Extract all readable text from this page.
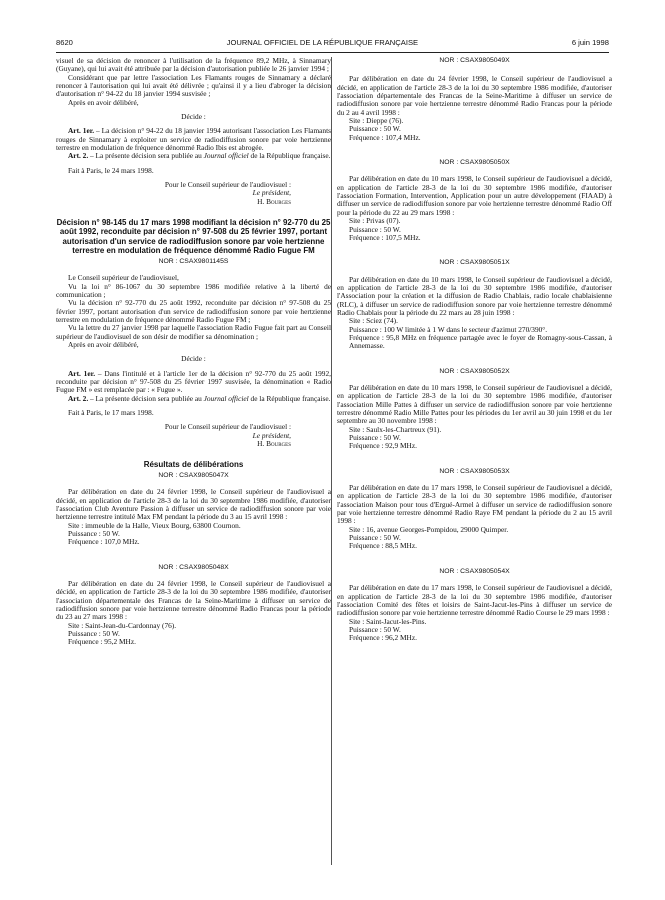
8620	JOURNAL OFFICIEL DE LA RÉPUBLIQUE FRANÇAISE	6 juin 1998

visuel de sa décision de renoncer à l'utilisation de la fréquence 89,2 MHz, à Sinnamary (Guyane), qui lui avait été attribuée par la décision d'autorisation publiée le 26 janvier 1994 ;

Considérant que par lettre l'association Les Flamants rouges de Sinnamary a déclaré renoncer à l'autorisation qui lui avait été délivrée ; qu'ainsi il y a lieu d'abroger la décision d'autorisation n° 94-22 du 18 janvier 1994 susvisée ;

Après en avoir délibéré,

Décide :

Art. 1er. – La décision n° 94-22 du 18 janvier 1994 autorisant l'association Les Flamants rouges de Sinnamary à exploiter un service de radiodiffusion sonore par voie hertzienne terrestre en modulation de fréquence dénommé Radio Ibis est abrogée.

Art. 2. – La présente décision sera publiée au Journal officiel de la République française.

Fait à Paris, le 24 mars 1998.

Pour le Conseil supérieur de l'audiovisuel :

Le président,

H. Bourges

Décision n° 98-145 du 17 mars 1998 modifiant la décision n° 92-770 du 25 août 1992, reconduite par décision n° 97-508 du 25 février 1997, portant autorisation d'un service de radiodiffusion sonore par voie hertzienne terrestre en modulation de fréquence dénommé Radio Fugue FM

NOR : CSAX9801145S

Le Conseil supérieur de l'audiovisuel,

Vu la loi n° 86-1067 du 30 septembre 1986 modifiée relative à la liberté de communication ;

Vu la décision n° 92-770 du 25 août 1992, reconduite par décision n° 97-508 du 25 février 1997, portant autorisation d'un service de radiodiffusion sonore par voie hertzienne terrestre en modulation de fréquence dénommé Radio Fugue FM ;

Vu la lettre du 27 janvier 1998 par laquelle l'association Radio Fugue fait part au Conseil supérieur de l'audiovisuel de son désir de modifier sa dénomination ;

Après en avoir délibéré,

Décide :

Art. 1er. – Dans l'intitulé et à l'article 1er de la décision n° 92-770 du 25 août 1992, reconduite par décision n° 97-508 du 25 février 1997 susvisée, la dénomination « Radio Fugue FM » est remplacée par : « Fugue ».

Art. 2. – La présente décision sera publiée au Journal officiel de la République française.

Fait à Paris, le 17 mars 1998.

Pour le Conseil supérieur de l'audiovisuel :

Le président,

H. Bourges

Résultats de délibérations

NOR : CSAX9805047X

Par délibération en date du 24 février 1998, le Conseil supérieur de l'audiovisuel a décidé, en application de l'article 28-3 de la loi du 30 septembre 1986 modifiée, d'autoriser l'association Club Aventure Passion à diffuser un service de radiodiffusion sonore par voie hertzienne terrestre intitulé Max FM pendant la période du 3 au 15 avril 1998 :

Site : immeuble de la Halle, Vieux Bourg, 63800 Cournon.

Puissance : 50 W.

Fréquence : 107,0 MHz.

NOR : CSAX9805048X

Par délibération en date du 24 février 1998, le Conseil supérieur de l'audiovisuel a décidé, en application de l'article 28-3 de la loi du 30 septembre 1986 modifiée, d'autoriser l'association départementale des Francas de la Seine-Maritime à diffuser un service de radiodiffusion sonore par voie hertzienne terrestre dénommé Radio Francas pour la période du 23 au 27 mars 1998 :

Site : Saint-Jean-du-Cardonnay (76).

Puissance : 50 W.

Fréquence : 95,2 MHz.

NOR : CSAX9805049X

Par délibération en date du 24 février 1998, le Conseil supérieur de l'audiovisuel a décidé, en application de l'article 28-3 de la loi du 30 septembre 1986 modifiée, d'autoriser l'association départementale des Francas de la Seine-Maritime à diffuser un service de radiodiffusion sonore par voie hertzienne terrestre dénommé Radio Francas pour la période du 2 au 4 avril 1998 :

Site : Dieppe (76).

Puissance : 50 W.

Fréquence : 107,4 MHz.

NOR : CSAX9805050X

Par délibération en date du 10 mars 1998, le Conseil supérieur de l'audiovisuel a décidé, en application de l'article 28-3 de la loi du 30 septembre 1986 modifiée, d'autoriser l'association Formation, Intervention, Application pour un autre développement (FIAAD) à diffuser un service de radiodiffusion sonore par voie hertzienne terrestre dénommé Radio Off pour la période du 22 au 29 mars 1998 :

Site : Privas (07).

Puissance : 50 W.

Fréquence : 107,5 MHz.

NOR : CSAX9805051X

Par délibération en date du 10 mars 1998, le Conseil supérieur de l'audiovisuel a décidé, en application de l'article 28-3 de la loi du 30 septembre 1986 modifiée, d'autoriser l'Association pour la création et la diffusion de Radio Chablais, radio locale chablaisienne (RLC), à diffuser un service de radiodiffusion sonore par voie hertzienne terrestre dénommé Radio Chablais pour la période du 22 mars au 28 juin 1998 :

Site : Sciez (74).

Puissance : 100 W limitée à 1 W dans le secteur d'azimut 270/390°.

Fréquence : 95,8 MHz en fréquence partagée avec le foyer de Romagny-sous-Cassan, à Annemasse.

NOR : CSAX9805052X

Par délibération en date du 10 mars 1998, le Conseil supérieur de l'audiovisuel a décidé, en application de l'article 28-3 de la loi du 30 septembre 1986 modifiée, d'autoriser l'association Mille Pattes à diffuser un service de radiodiffusion sonore par voie hertzienne terrestre dénommé Radio Mille Pattes pour les périodes du 1er avril au 30 juin 1998 et du 1er septembre au 30 novembre 1998 :

Site : Saulx-les-Chartreux (91).

Puissance : 50 W.

Fréquence : 92,9 MHz.

NOR : CSAX9805053X

Par délibération en date du 17 mars 1998, le Conseil supérieur de l'audiovisuel a décidé, en application de l'article 28-3 de la loi du 30 septembre 1986 modifiée, d'autoriser l'association Maison pour tous d'Ergué-Armel à diffuser un service de radiodiffusion sonore par voie hertzienne terrestre dénommé Radio Raye FM pendant la période du 2 au 15 avril 1998 :

Site : 16, avenue Georges-Pompidou, 29000 Quimper.

Puissance : 50 W.

Fréquence : 88,5 MHz.

NOR : CSAX9805054X

Par délibération en date du 17 mars 1998, le Conseil supérieur de l'audiovisuel a décidé, en application de l'article 28-3 de la loi du 30 septembre 1986 modifiée, d'autoriser l'association Comité des fêtes et loisirs de Saint-Jacut-les-Pins à diffuser un service de radiodiffusion sonore par voie hertzienne terrestre dénommé Radio Course le 29 mars 1998 :

Site : Saint-Jacut-les-Pins.

Puissance : 50 W.

Fréquence : 96,2 MHz.
